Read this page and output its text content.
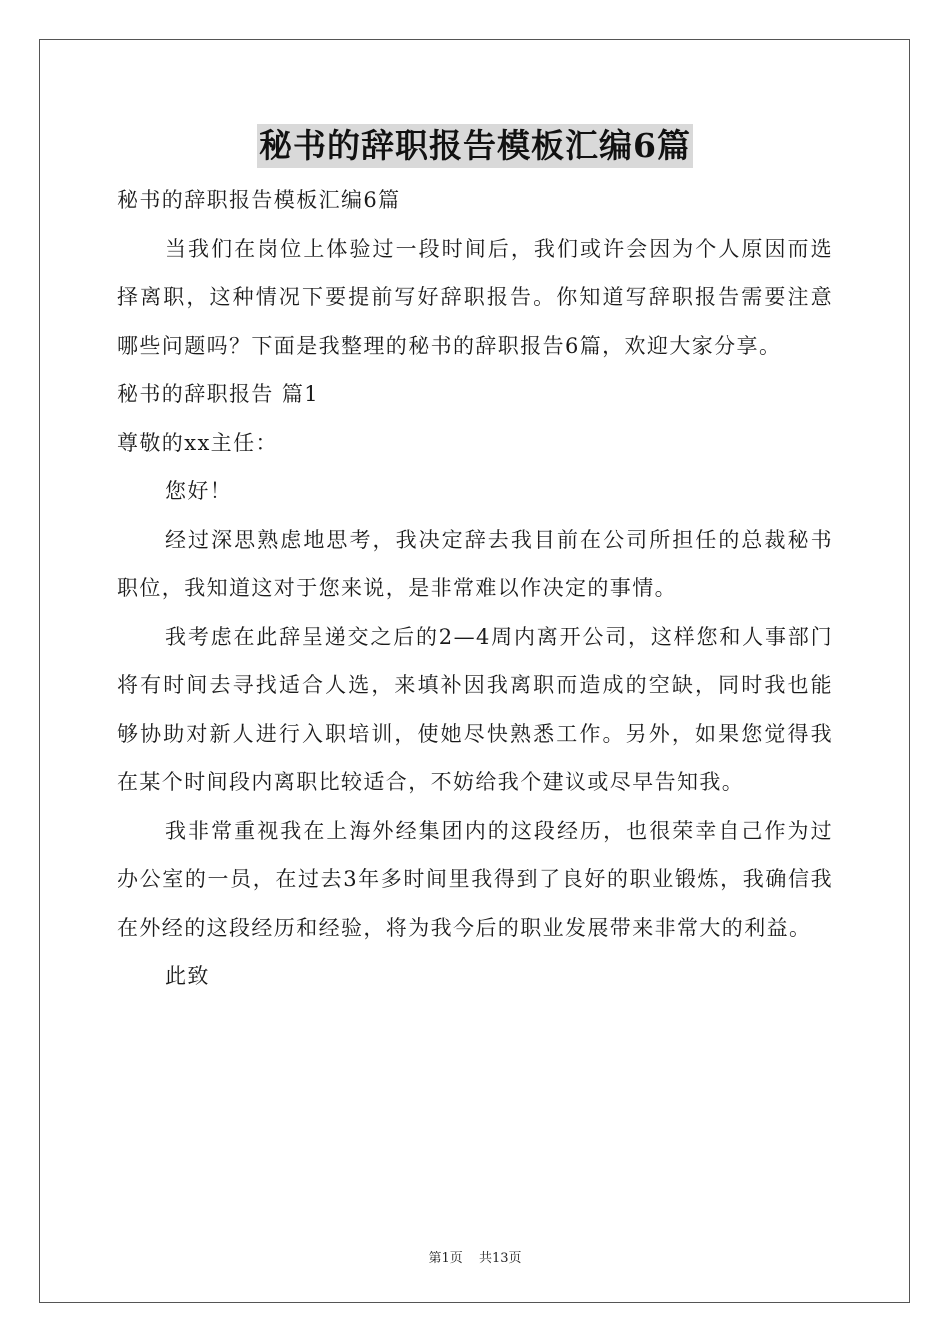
秘书的辞职报告模板汇编6篇

秘书的辞职报告模板汇编6篇

当我们在岗位上体验过一段时间后，我们或许会因为个人原因而选择离职，这种情况下要提前写好辞职报告。你知道写辞职报告需要注意哪些问题吗？下面是我整理的秘书的辞职报告6篇，欢迎大家分享。

秘书的辞职报告 篇1

尊敬的xx主任：

您好！

经过深思熟虑地思考，我决定辞去我目前在公司所担任的总裁秘书职位，我知道这对于您来说，是非常难以作决定的事情。

我考虑在此辞呈递交之后的2—4周内离开公司，这样您和人事部门将有时间去寻找适合人选，来填补因我离职而造成的空缺，同时我也能够协助对新人进行入职培训，使她尽快熟悉工作。另外，如果您觉得我在某个时间段内离职比较适合，不妨给我个建议或尽早告知我。

我非常重视我在上海外经集团内的这段经历，也很荣幸自己作为过办公室的一员，在过去3年多时间里我得到了良好的职业锻炼，我确信我在外经的这段经历和经验，将为我今后的职业发展带来非常大的利益。

此致

第1页 共13页
